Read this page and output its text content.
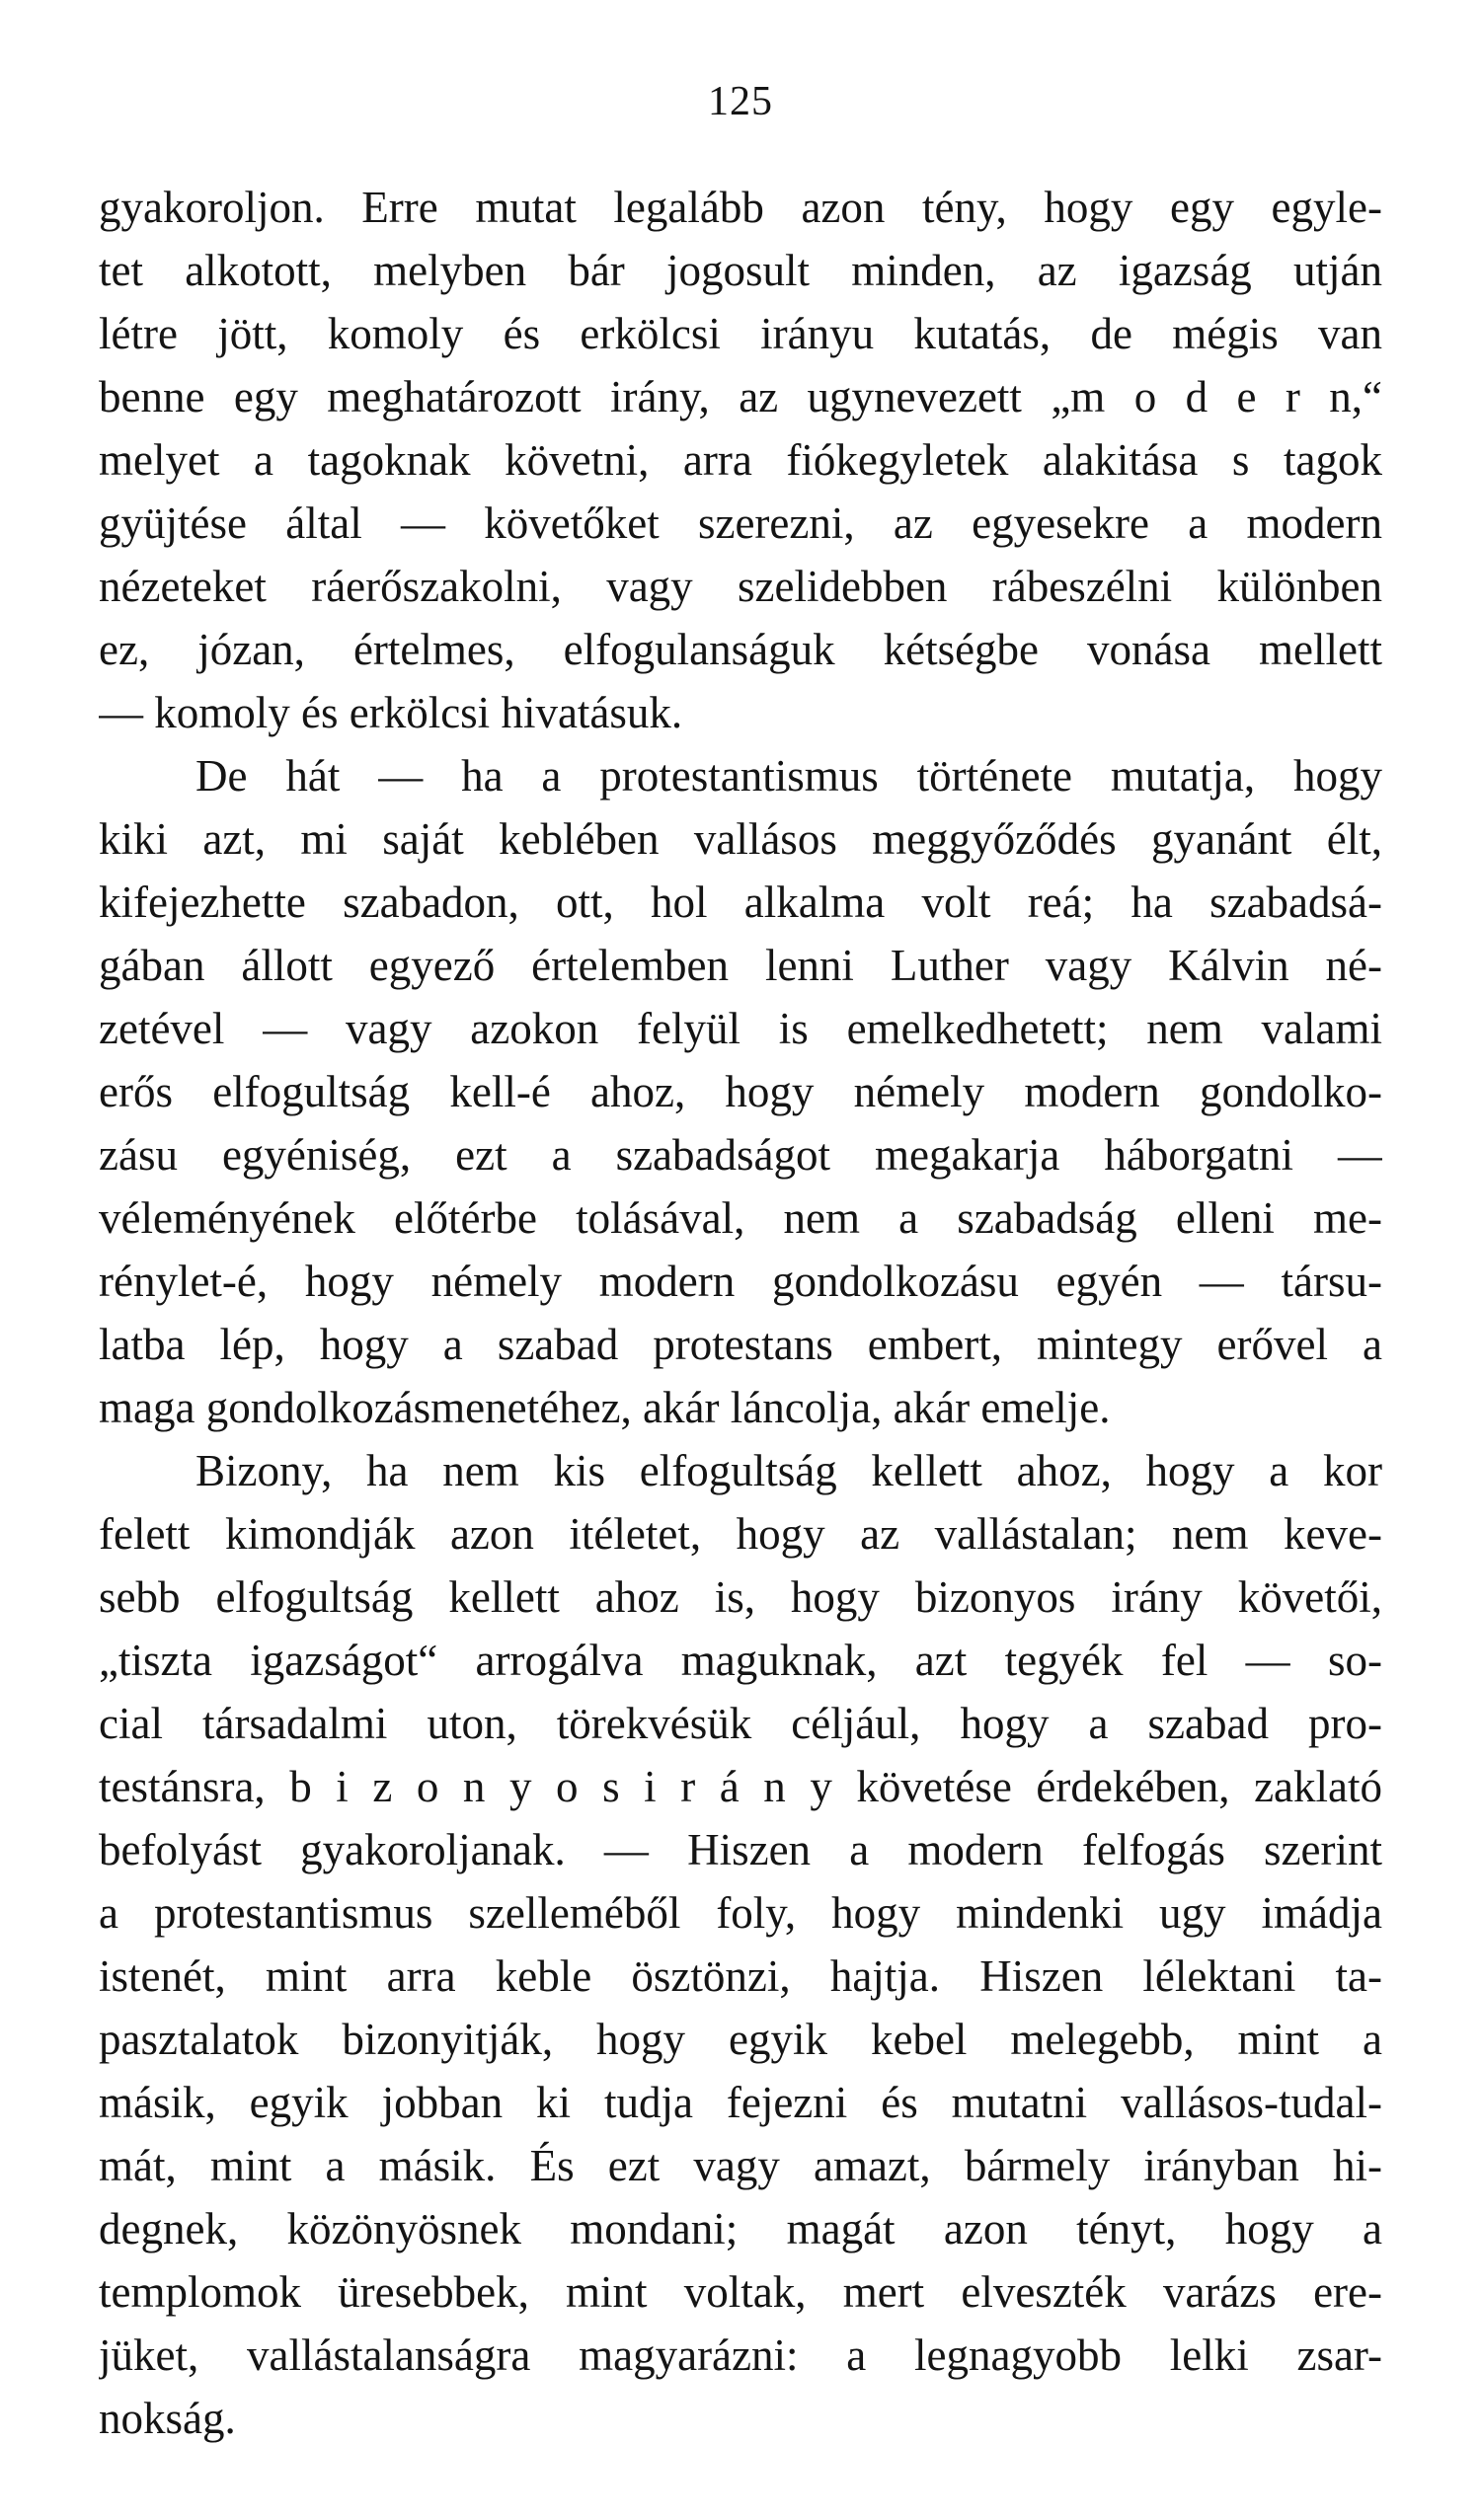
125
gyakoroljon. Erre mutat legalább azon tény, hogy egy egyle-
tet alkotott, melyben bár jogosult minden, az igazság utján
létre jött, komoly és erkölcsi irányu kutatás, de mégis van
benne egy meghatározott irány, az ugynevezett „m o d e r n,“
melyet a tagoknak követni, arra fiókegyletek alakitása s tagok
gyüjtése által — követőket szerezni, az egyesekre a modern
nézeteket ráerőszakolni, vagy szelidebben rábeszélni különben
ez, józan, értelmes, elfogulanságuk kétségbe vonása mellett
— komoly és erkölcsi hivatásuk.
De hát — ha a protestantismus története mutatja, hogy
kiki azt, mi saját keblében vallásos meggyőződés gyanánt élt,
kifejezhette szabadon, ott, hol alkalma volt reá; ha szabadsá-
gában állott egyező értelemben lenni Luther vagy Kálvin né-
zetével — vagy azokon felyül is emelkedhetett; nem valami
erős elfogultság kell-é ahoz, hogy némely modern gondolko-
zásu egyéniség, ezt a szabadságot megakarja háborgatni —
véleményének előtérbe tolásával, nem a szabadság elleni me-
rénylet-é, hogy némely modern gondolkozásu egyén — társu-
latba lép, hogy a szabad protestans embert, mintegy erővel a
maga gondolkozásmenetéhez, akár láncolja, akár emelje.
Bizony, ha nem kis elfogultság kellett ahoz, hogy a kor
felett kimondják azon itéletet, hogy az vallástalan; nem keve-
sebb elfogultság kellett ahoz is, hogy bizonyos irány követői,
„tiszta igazságot“ arrogálva maguknak, azt tegyék fel — so-
cial társadalmi uton, törekvésük céljául, hogy a szabad pro-
testánsra, b i z o n y o s i r á n y követése érdekében, zaklató
befolyást gyakoroljanak. — Hiszen a modern felfogás szerint
a protestantismus szelleméből foly, hogy mindenki ugy imádja
istenét, mint arra keble ösztönzi, hajtja. Hiszen lélektani ta-
pasztalatok bizonyitják, hogy egyik kebel melegebb, mint a
másik, egyik jobban ki tudja fejezni és mutatni vallásos-tudal-
mát, mint a másik. És ezt vagy amazt, bármely irányban hi-
degnek, közönyösnek mondani; magát azon tényt, hogy a
templomok üresebbek, mint voltak, mert elveszték varázs ere-
jüket, vallástalanságra magyarázni: a legnagyobb lelki zsar-
nokság.
